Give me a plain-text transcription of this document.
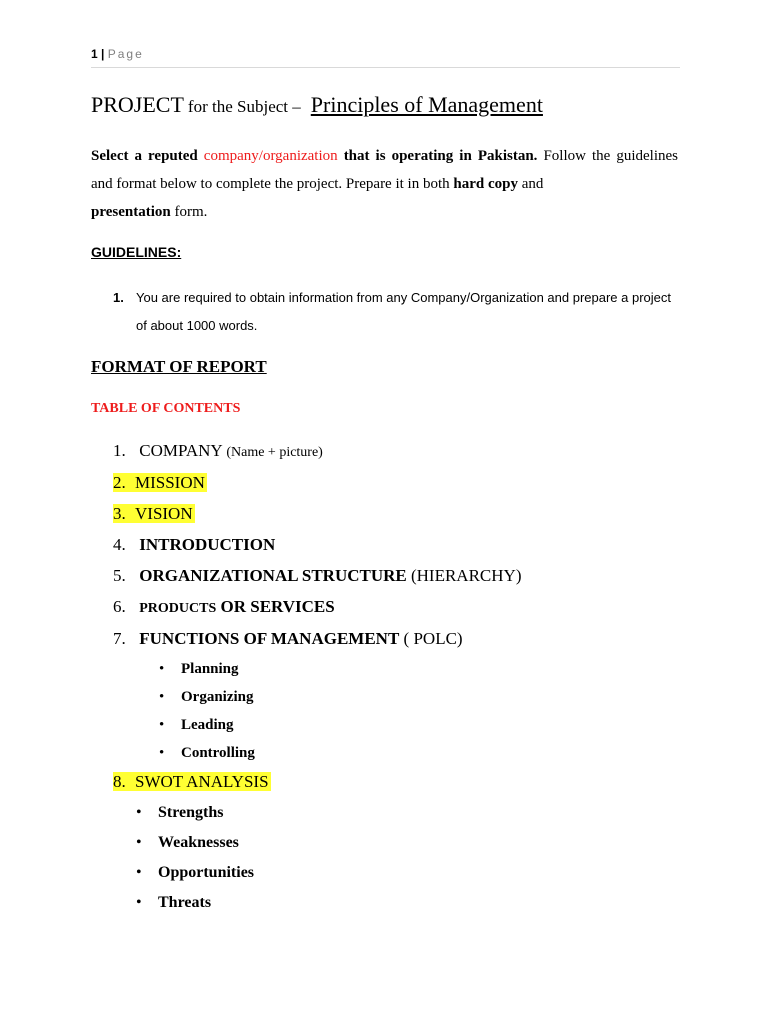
1 | Page
PROJECT for the Subject – Principles of Management
Select a reputed company/organization that is operating in Pakistan. Follow the guidelines and format below to complete the project. Prepare it in both hard copy and
presentation form.
GUIDELINES:
1. You are required to obtain information from any Company/Organization and prepare a project of about 1000 words.
FORMAT OF REPORT
TABLE OF CONTENTS
1. COMPANY (Name + picture)
2. MISSION
3. VISION
4. INTRODUCTION
5. ORGANIZATIONAL STRUCTURE (HIERARCHY)
6. PRODUCTS OR SERVICES
7. FUNCTIONS OF MANAGEMENT ( POLC)
• Planning
• Organizing
• Leading
• Controlling
8. SWOT ANALYSIS
• Strengths
• Weaknesses
• Opportunities
• Threats
